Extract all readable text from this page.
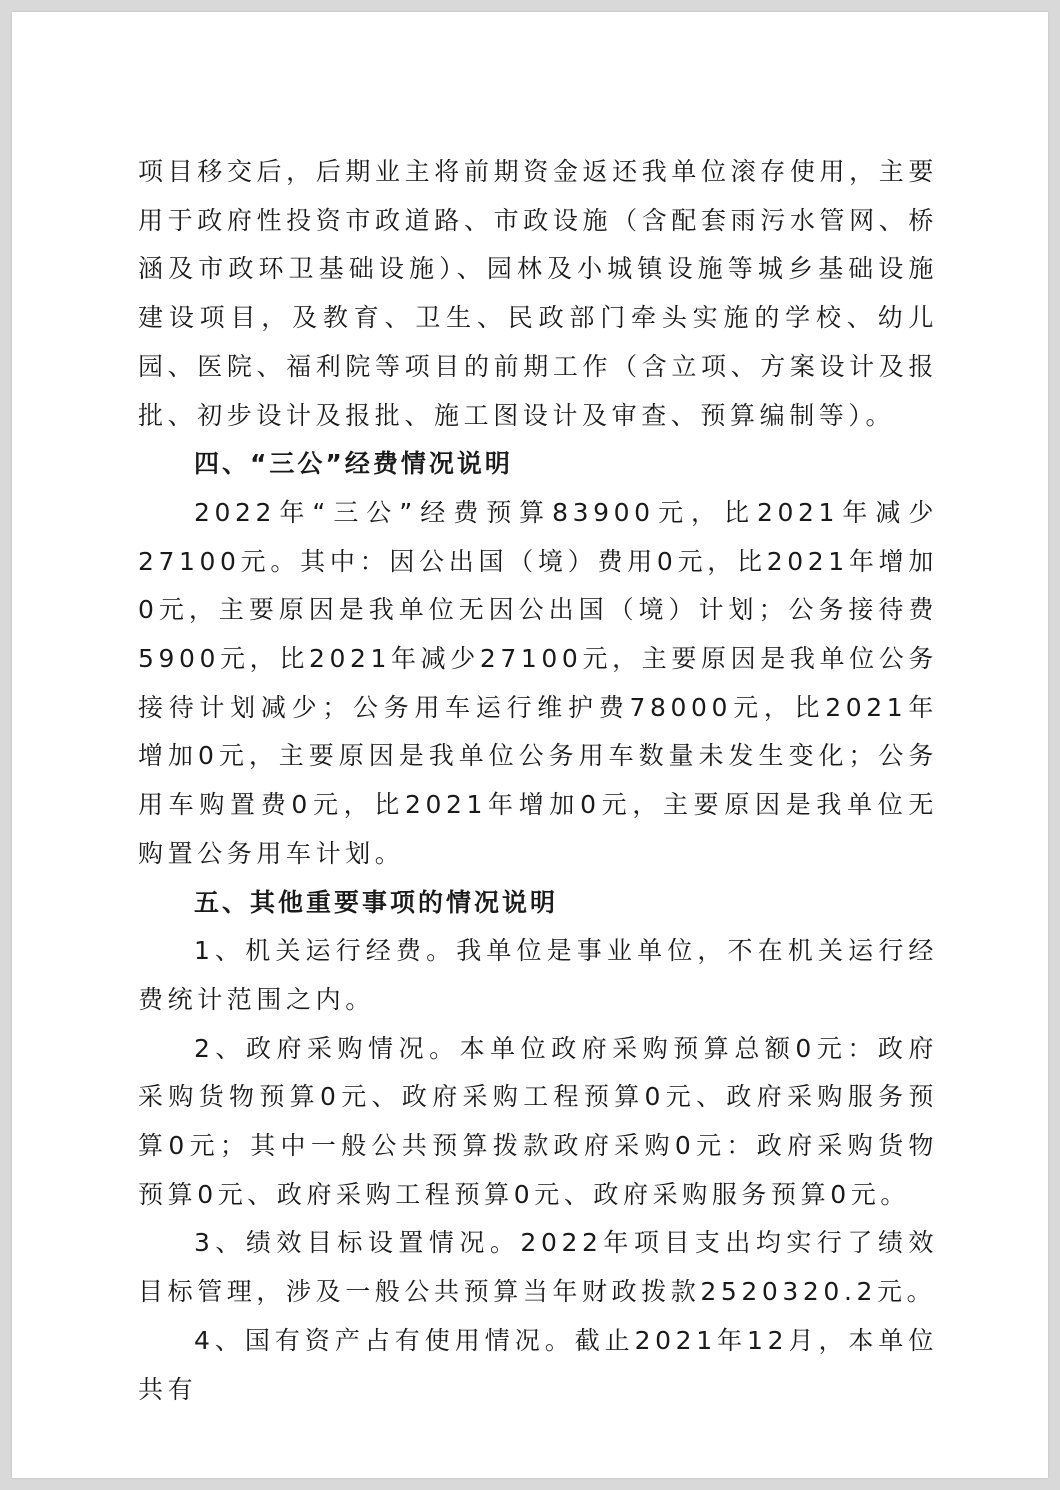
项目移交后，后期业主将前期资金返还我单位滚存使用，主要用于政府性投资市政道路、市政设施（含配套雨污水管网、桥涵及市政环卫基础设施）、园林及小城镇设施等城乡基础设施建设项目，及教育、卫生、民政部门牵头实施的学校、幼儿园、医院、福利院等项目的前期工作（含立项、方案设计及报批、初步设计及报批、施工图设计及审查、预算编制等）。

四、“三公”经费情况说明

2022年“三公”经费预算83900元，比2021年减少27100元。其中：因公出国（境）费用0元，比2021年增加0元，主要原因是我单位无因公出国（境）计划；公务接待费5900元，比2021年减少27100元，主要原因是我单位公务接待计划减少；公务用车运行维护费78000元，比2021年增加0元，主要原因是我单位公务用车数量未发生变化；公务用车购置费0元，比2021年增加0元，主要原因是我单位无购置公务用车计划。

五、其他重要事项的情况说明

1、机关运行经费。我单位是事业单位，不在机关运行经费统计范围之内。

2、政府采购情况。本单位政府采购预算总额0元：政府采购货物预算0元、政府采购工程预算0元、政府采购服务预算0元；其中一般公共预算拨款政府采购0元：政府采购货物预算0元、政府采购工程预算0元、政府采购服务预算0元。

3、绩效目标设置情况。2022年项目支出均实行了绩效目标管理，涉及一般公共预算当年财政拨款2520320.2元。

4、国有资产占有使用情况。截止2021年12月，本单位共有
